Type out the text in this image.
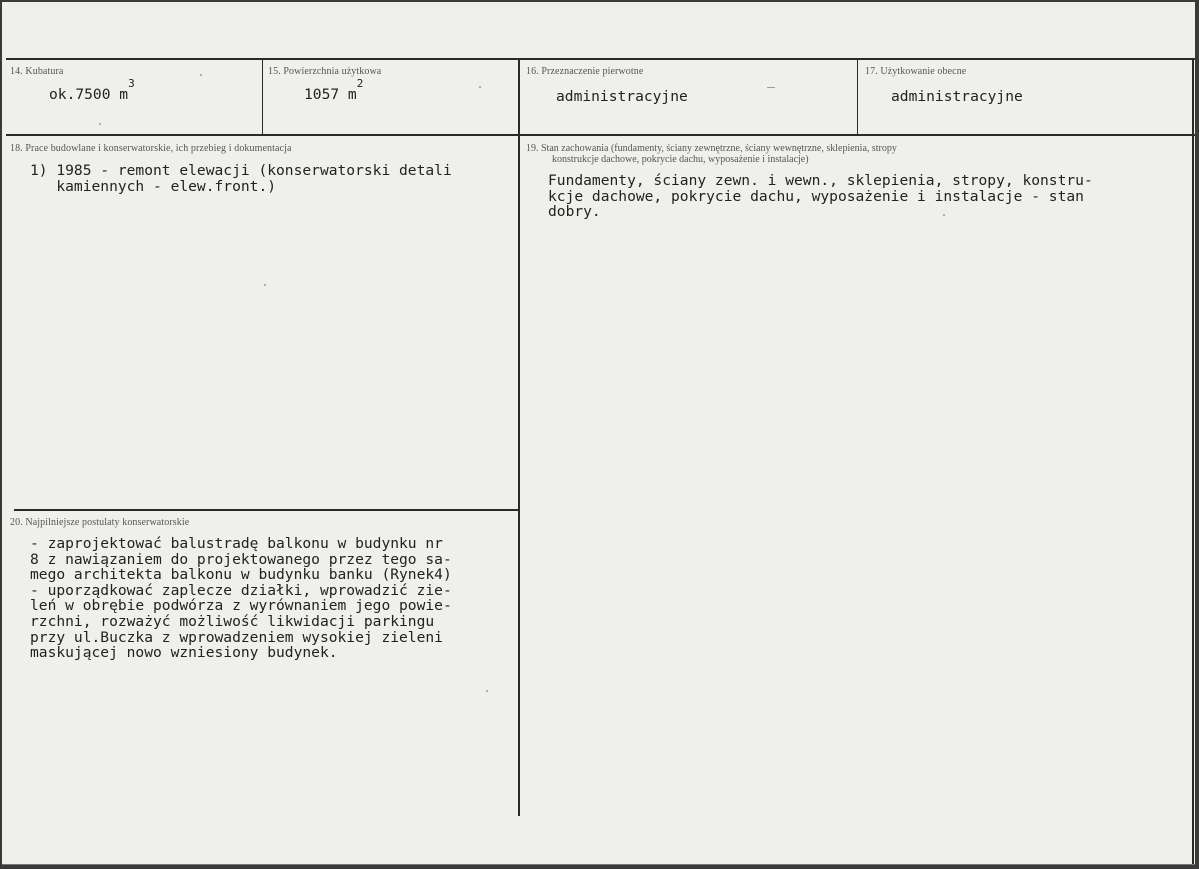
14. Kubatura
ok.7500 $m^3$
15. Powierzchnia użytkowa
1057 $m^2$
16. Przeznaczenie pierwotne
administracyjne
17. Użytkowanie obecne
administracyjne
18. Prace budowlane i konserwatorskie, ich przebieg i dokumentacja
1) 1985 - remont elewacji (konserwatorski detali
kamiennych - elew.front.)
19. Stan zachowania (fundamenty, ściany zewnętrzne, ściany wewnętrzne, sklepienia, stropy
konstrukcje dachowe, pokrycie dachu, wyposażenie i instalacje)
Fundamenty, ściany zewn. i wewn., sklepienia, stropy, konstru-
kcje dachowe, pokrycie dachu, wyposażenie i instalacje - stan
dobry.
20. Najpilniejsze postulaty konserwatorskie
- zaprojektować balustradę balkonu w budynku nr
8 z nawiązaniem do projektowanego przez tego sa-
mego architekta balkonu w budynku banku (Rynek4)
- uporządkować zaplecze działki, wprowadzić zie-
leń w obrębie podwórza z wyrównaniem jego powie-
rzchni, rozważyć możliwość likwidacji parkingu
przy ul.Buczka z wprowadzeniem wysokiej zieleni
maskującej nowo wzniesiony budynek.
